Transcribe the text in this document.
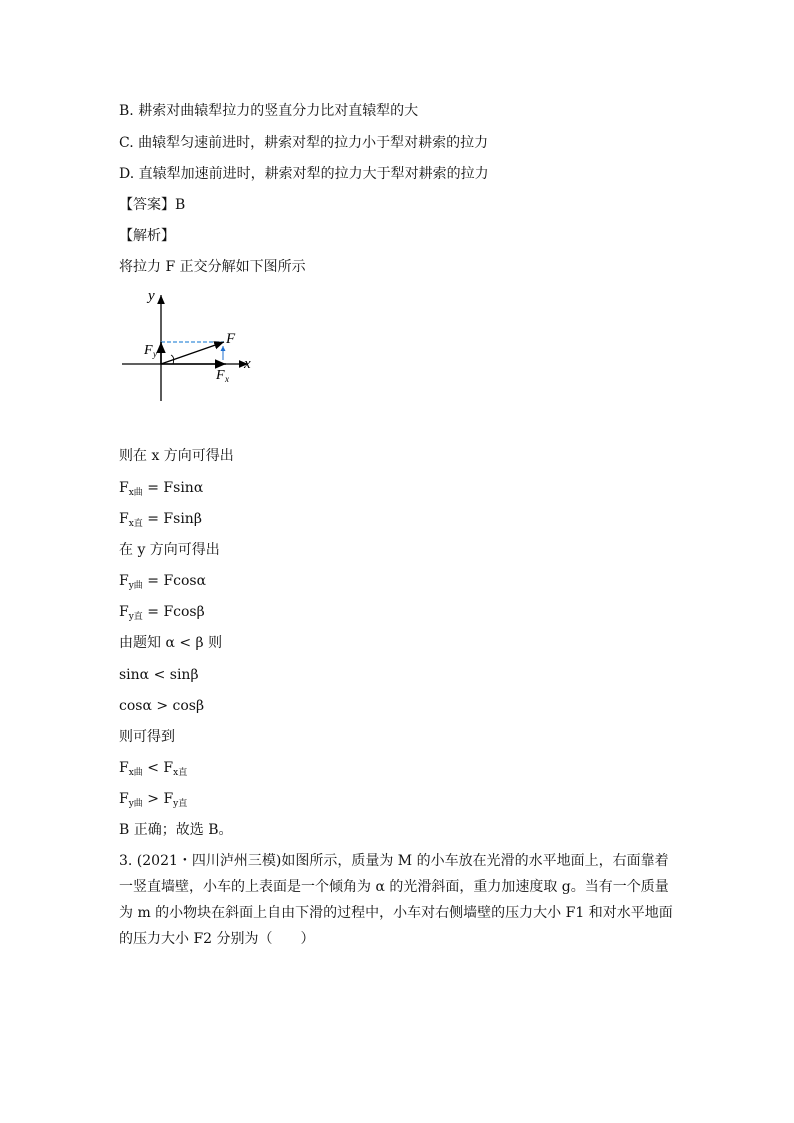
B. 耕索对曲辕犁拉力的竖直分力比对直辕犁的大
C. 曲辕犁匀速前进时，耕索对犁的拉力小于犁对耕索的拉力
D. 直辕犁加速前进时，耕索对犁的拉力大于犁对耕索的拉力
【答案】B
【解析】
将拉力 F 正交分解如下图所示
y
x
F
F y
F x
则在 x 方向可得出
$F_{x曲} = Fsin\alpha$
$F_{x直} = Fsin\beta$
在 y 方向可得出
$F_{y曲} = Fcos\alpha$
$F_{y直} = Fcos\beta$
由题知 α < β 则
sinα < sinβ
cosα > cosβ
则可得到
$F_{x曲} < F_{x直}$
$F_{y曲} > F_{y直}$
B 正确；故选 B。
3. (2021・四川泸州三模)如图所示，质量为 M 的小车放在光滑的水平地面上，右面靠着一竖直墙壁，小车的上表面是一个倾角为 α 的光滑斜面，重力加速度取 g。当有一个质量为 m 的小物块在斜面上自由下滑的过程中，小车对右侧墙壁的压力大小 F1 和对水平地面的压力大小 F2 分别为（　　）
